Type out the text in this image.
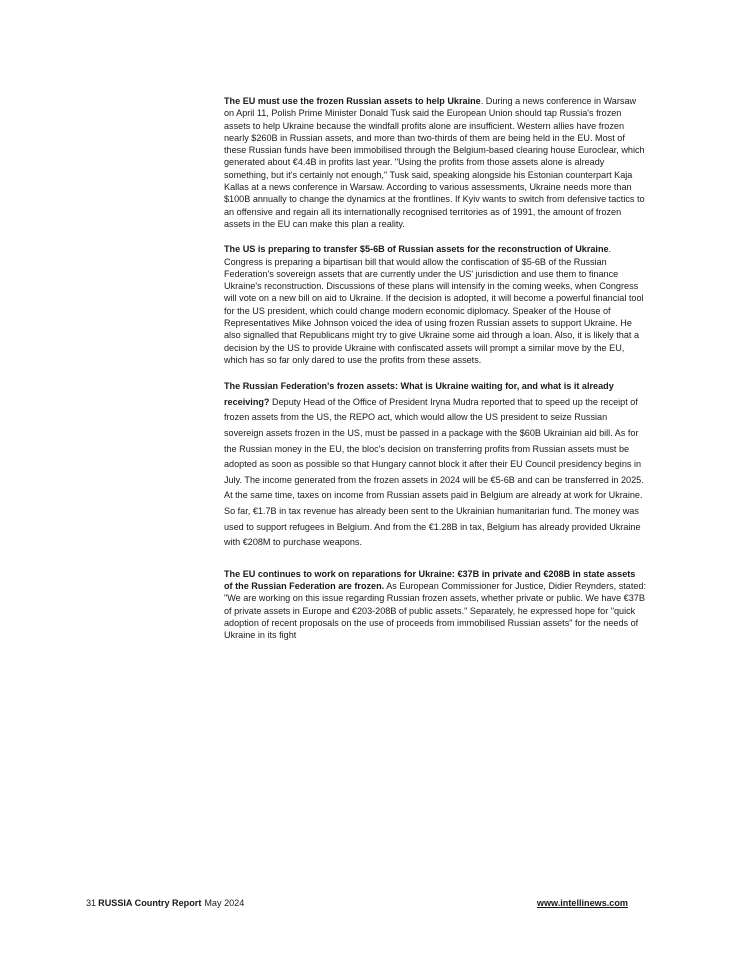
The EU must use the frozen Russian assets to help Ukraine. During a news conference in Warsaw on April 11, Polish Prime Minister Donald Tusk said the European Union should tap Russia's frozen assets to help Ukraine because the windfall profits alone are insufficient. Western allies have frozen nearly $260B in Russian assets, and more than two-thirds of them are being held in the EU. Most of these Russian funds have been immobilised through the Belgium-based clearing house Euroclear, which generated about €4.4B in profits last year. "Using the profits from those assets alone is already something, but it's certainly not enough," Tusk said, speaking alongside his Estonian counterpart Kaja Kallas at a news conference in Warsaw. According to various assessments, Ukraine needs more than $100B annually to change the dynamics at the frontlines. If Kyiv wants to switch from defensive tactics to an offensive and regain all its internationally recognised territories as of 1991, the amount of frozen assets in the EU can make this plan a reality.

The US is preparing to transfer $5-6B of Russian assets for the reconstruction of Ukraine. Congress is preparing a bipartisan bill that would allow the confiscation of $5-6B of the Russian Federation's sovereign assets that are currently under the US' jurisdiction and use them to finance Ukraine's reconstruction. Discussions of these plans will intensify in the coming weeks, when Congress will vote on a new bill on aid to Ukraine. If the decision is adopted, it will become a powerful financial tool for the US president, which could change modern economic diplomacy. Speaker of the House of Representatives Mike Johnson voiced the idea of using frozen Russian assets to support Ukraine. He also signalled that Republicans might try to give Ukraine some aid through a loan. Also, it is likely that a decision by the US to provide Ukraine with confiscated assets will prompt a similar move by the EU, which has so far only dared to use the profits from these assets.

The Russian Federation's frozen assets: What is Ukraine waiting for, and what is it already receiving? Deputy Head of the Office of President Iryna Mudra reported that to speed up the receipt of frozen assets from the US, the REPO act, which would allow the US president to seize Russian sovereign assets frozen in the US, must be passed in a package with the $60B Ukrainian aid bill. As for the Russian money in the EU, the bloc's decision on transferring profits from Russian assets must be adopted as soon as possible so that Hungary cannot block it after their EU Council presidency begins in July. The income generated from the frozen assets in 2024 will be €5-6B and can be transferred in 2025. At the same time, taxes on income from Russian assets paid in Belgium are already at work for Ukraine. So far, €1.7B in tax revenue has already been sent to the Ukrainian humanitarian fund. The money was used to support refugees in Belgium. And from the €1.28B in tax, Belgium has already provided Ukraine with €208M to purchase weapons.

The EU continues to work on reparations for Ukraine: €37B in private and €208B in state assets of the Russian Federation are frozen. As European Commissioner for Justice, Didier Reynders, stated: "We are working on this issue regarding Russian frozen assets, whether private or public. We have €37B of private assets in Europe and €203-208B of public assets." Separately, he expressed hope for "quick adoption of recent proposals on the use of proceeds from immobilised Russian assets" for the needs of Ukraine in its fight

31 RUSSIA Country Report May 2024	www.intellinews.com
